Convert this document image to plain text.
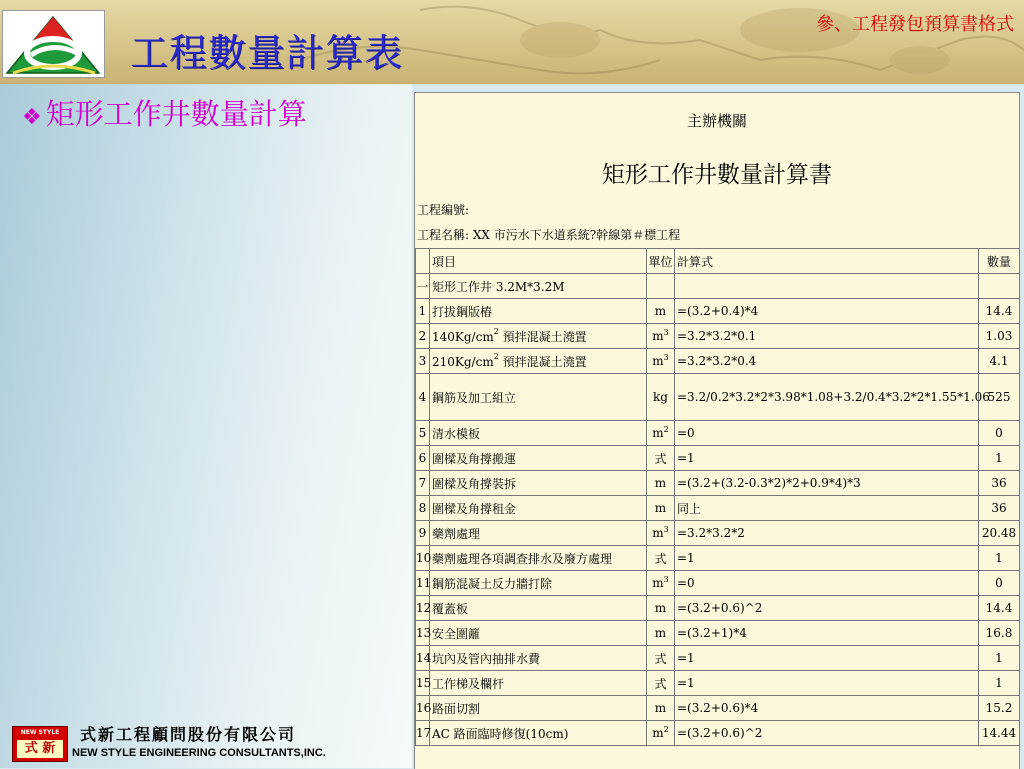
工程數量計算表
參、工程發包預算書格式
❖ 矩形工作井數量計算	主辦機關
矩形工作井數量計算書
工程編號:
工程名稱: XX 市污水下水道系統?幹線第＃標工程
	項目	單位	計算式	數量
一	矩形工作井 3.2M*3.2M			
1	打拔鋼版樁	m	=(3.2+0.4)*4	14.4
2	$140Kg/cm^2$ 預拌混凝土澆置	$m^3$	=3.2*3.2*0.1	1.03
3	$210Kg/cm^2$ 預拌混凝土澆置	$m^3$	=3.2*3.2*0.4	4.1
4	鋼筋及加工組立	kg	=3.2/0.2*3.2*2*3.98*1.08+3.2/0.4*3.2*2*1.55*1.06	525
5	清水模板	$m^2$	=0	0
6	圍樑及角撐搬運	式	=1	1
7	圍樑及角撐裝拆	m	=(3.2+(3.2-0.3*2)*2+0.9*4)*3	36
8	圍樑及角撐租金	m	同上	36
9	藥劑處理	$m^3$	=3.2*3.2*2	20.48
10	藥劑處理各項調查排水及廢方處理	式	=1	1
11	鋼筋混凝土反力牆打除	$m^3$	=0	0
12	覆蓋板	m	=(3.2+0.6)^2	14.4
13	安全圍籬	m	=(3.2+1)*4	16.8
14	坑內及管內抽排水費	式	=1	1
15	工作梯及欄杆	式	=1	1
16	路面切割	m	=(3.2+0.6)*4	15.2
17	AC 路面臨時修復(10cm)	$m^2$	=(3.2+0.6)^2	14.44
NEW STYLE
式 新
式新工程顧問股份有限公司
NEW STYLE ENGINEERING CONSULTANTS,INC.
